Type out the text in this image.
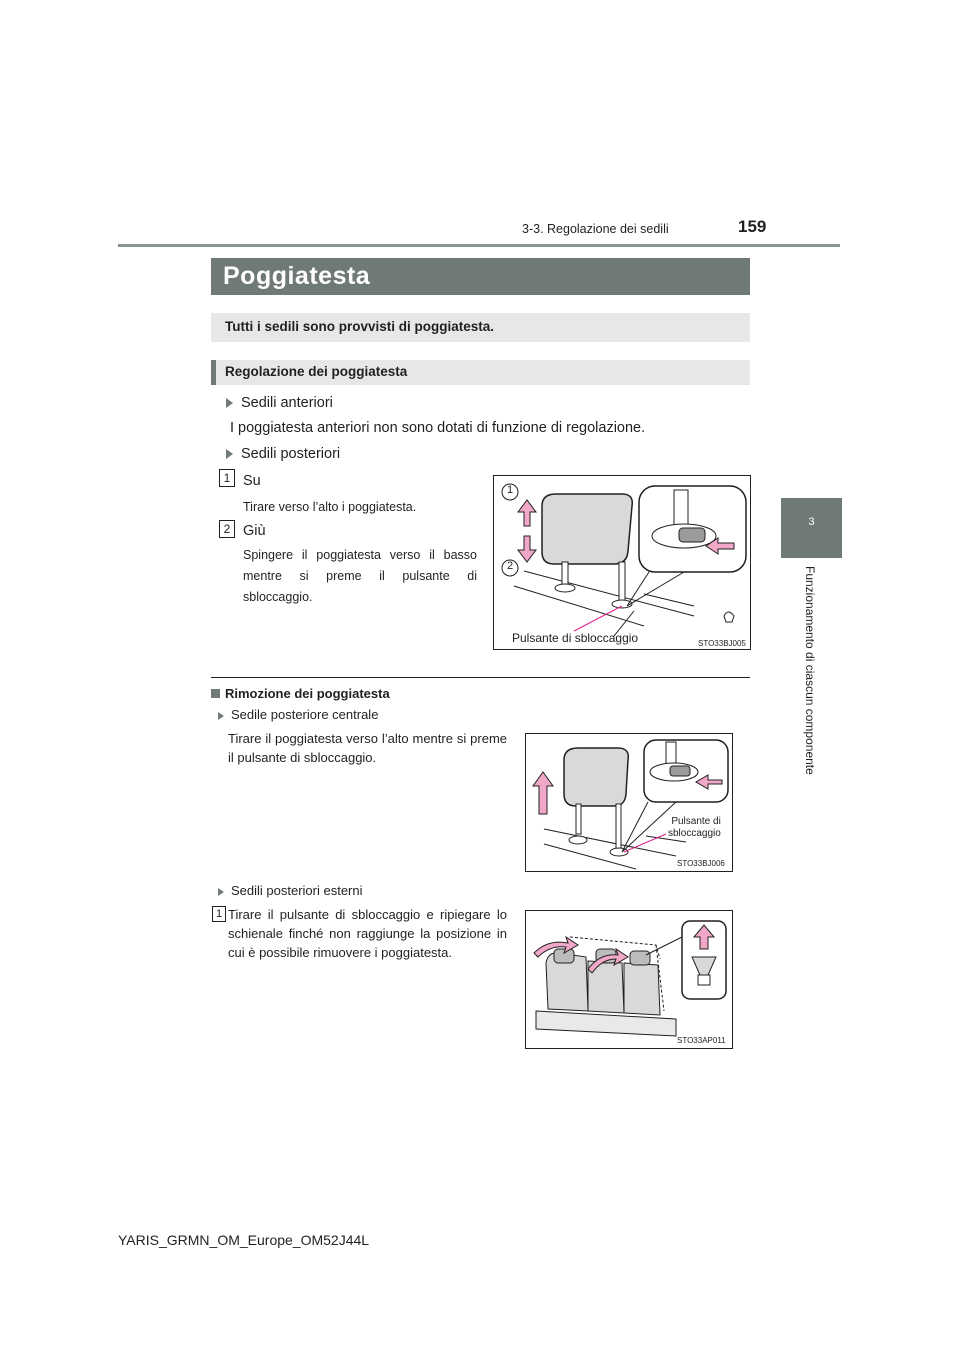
3-3. Regolazione dei sedili	159
3
Funzionamento di ciascun componente
Poggiatesta
Tutti i sedili sono provvisti di poggiatesta.
Regolazione dei poggiatesta
Sedili anteriori
I poggiatesta anteriori non sono dotati di funzione di regolazione.
Sedili posteriori
1 Su
Tirare verso l’alto i poggiatesta.
2 Giù
Spingere il poggiatesta verso il basso mentre si preme il pulsante di sbloccaggio.
1
2
Pulsante di sbloccaggio	STO33BJ005
Rimozione dei poggiatesta
Sedile posteriore centrale
Tirare il poggiatesta verso l’alto mentre si preme il pulsante di sbloccaggio.
Pulsante di
sbloccaggio
STO33BJ006
Sedili posteriori esterni
1 Tirare il pulsante di sbloccaggio e ripiegare lo schienale finché non raggiunge la posizione in cui è possibile rimuovere i poggiatesta.
STO33AP011
YARIS_GRMN_OM_Europe_OM52J44L
